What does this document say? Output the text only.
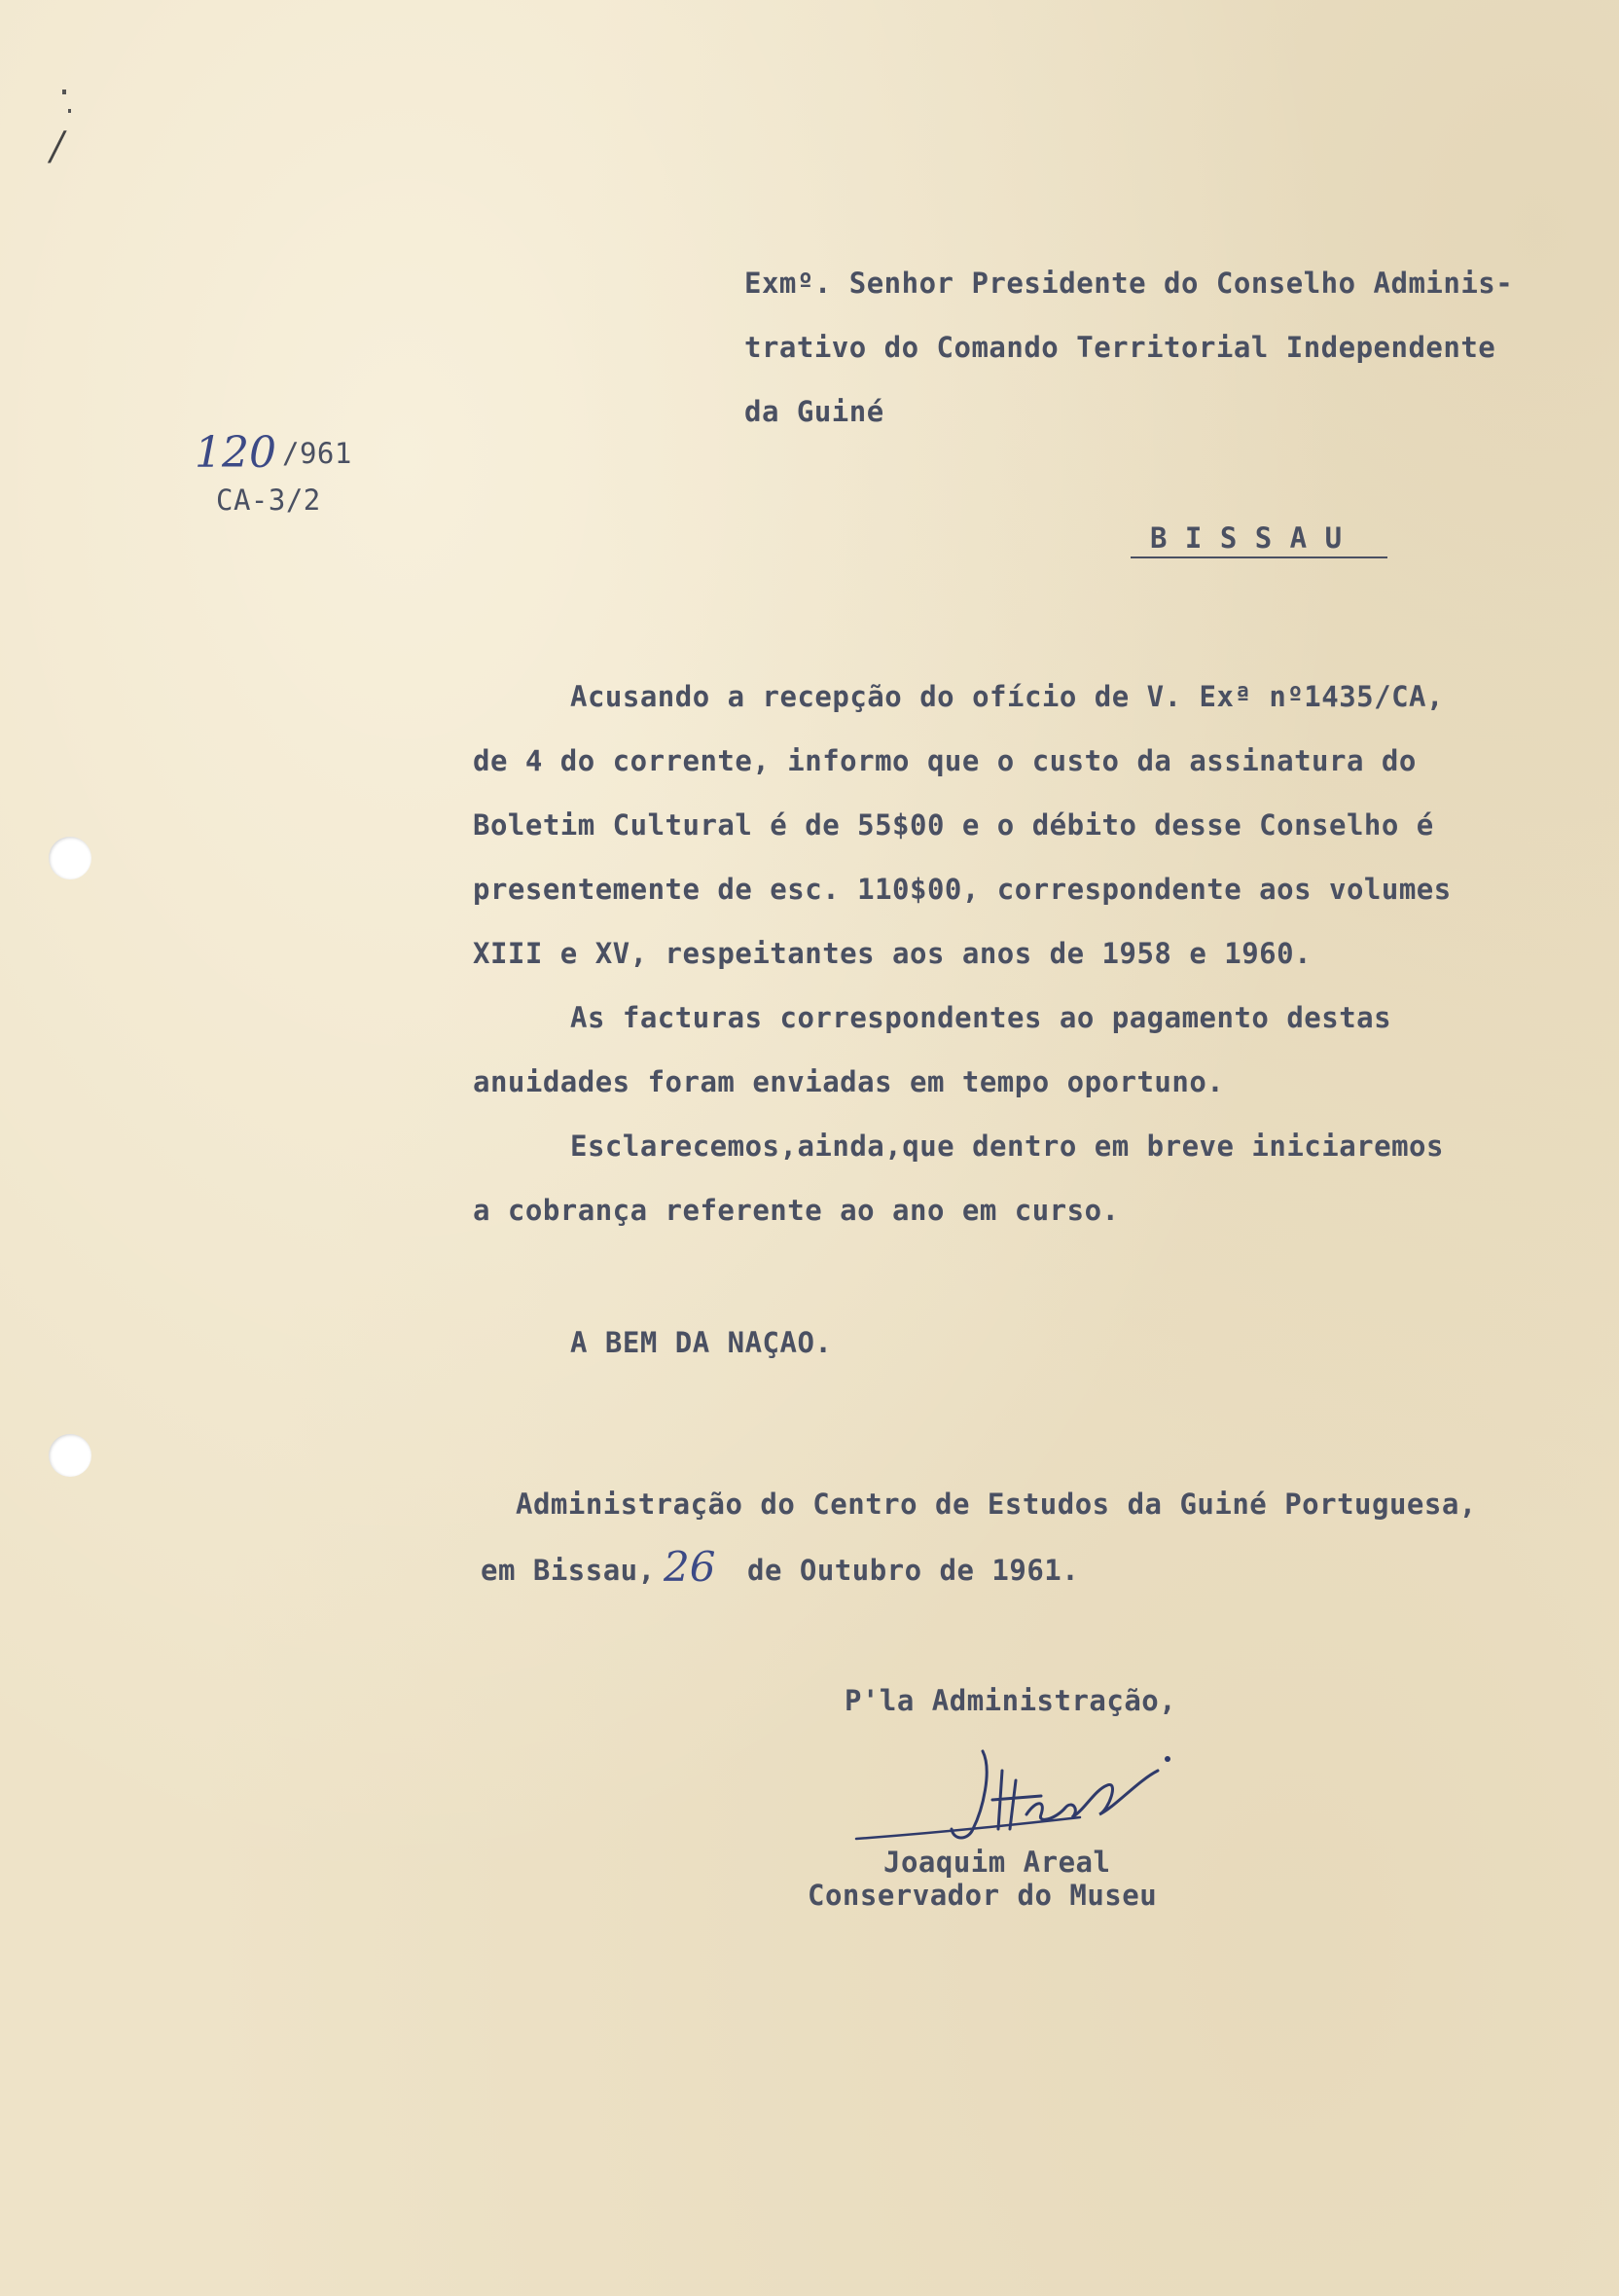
/
120 /961
CA-3/2
Exmº. Senhor Presidente do Conselho Adminis-
trativo do Comando Territorial Independente
da Guiné
B I S S A U
Acusando a recepção do ofício de V. Exª nº1435/CA,
de 4 do corrente, informo que o custo da assinatura do
Boletim Cultural é de 55$00 e o débito desse Conselho é
presentemente de esc. 110$00, correspondente aos volumes
XIII e XV, respeitantes aos anos de 1958 e 1960.
As facturas correspondentes ao pagamento destas
anuidades foram enviadas em tempo oportuno.
Esclarecemos,ainda,que dentro em breve iniciaremos
a cobrança referente ao ano em curso.
A BEM DA NAÇAO.
Administração do Centro de Estudos da Guiné Portuguesa,
em Bissau, 26 de Outubro de 1961.
P'la Administração,
Joaquim Areal
Conservador do Museu
